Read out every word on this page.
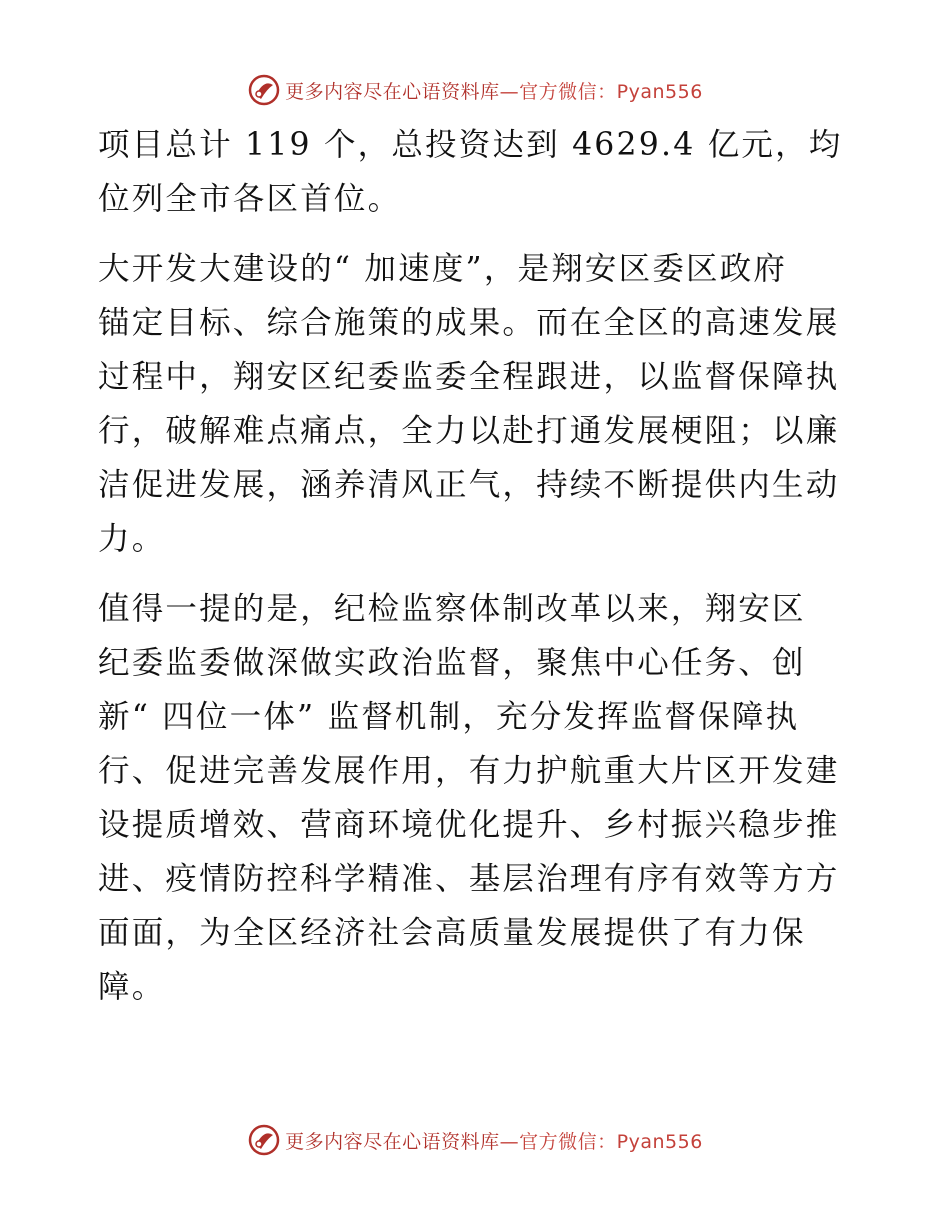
更多内容尽在心语资料库—官方微信：Pyan556
项目总计 119 个，总投资达到 4629.4 亿元，均
位列全市各区首位。
大开发大建设的“ 加速度”，是翔安区委区政府
锚定目标、综合施策的成果。而在全区的高速发展
过程中，翔安区纪委监委全程跟进，以监督保障执
行，破解难点痛点，全力以赴打通发展梗阻；以廉
洁促进发展，涵养清风正气，持续不断提供内生动
力。
值得一提的是，纪检监察体制改革以来，翔安区
纪委监委做深做实政治监督，聚焦中心任务、创
新“ 四位一体” 监督机制，充分发挥监督保障执
行、促进完善发展作用，有力护航重大片区开发建
设提质增效、营商环境优化提升、乡村振兴稳步推
进、疫情防控科学精准、基层治理有序有效等方方
面面，为全区经济社会高质量发展提供了有力保
障。
更多内容尽在心语资料库—官方微信：Pyan556
